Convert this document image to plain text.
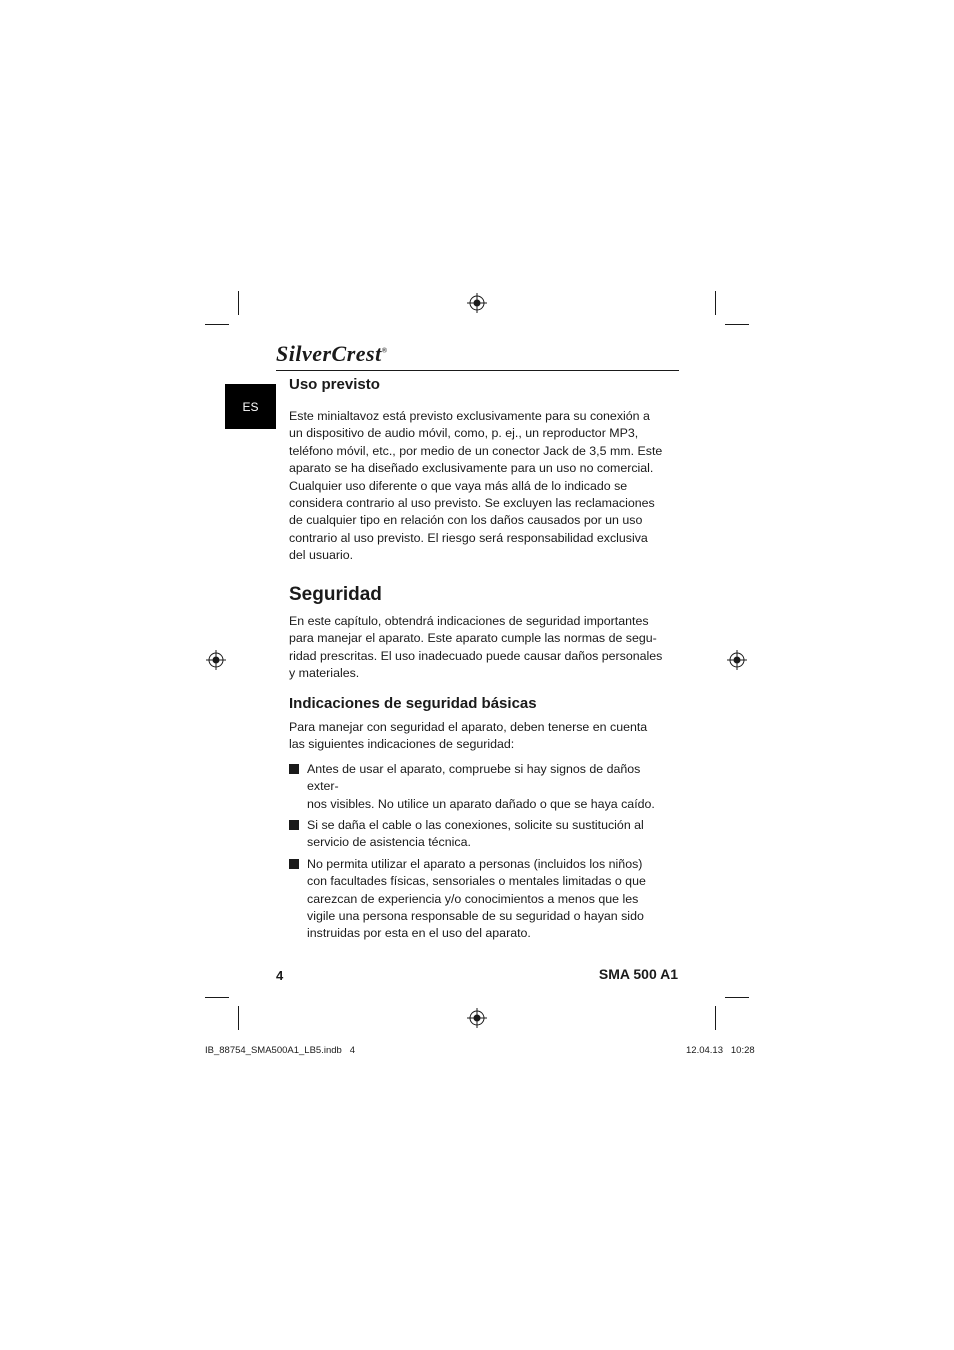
SilverCrest®
ES
Uso previsto

Este minialtavoz está previsto exclusivamente para su conexión a
un dispositivo de audio móvil, como, p. ej., un reproductor MP3,
teléfono móvil, etc., por medio de un conector Jack de 3,5 mm. Este
aparato se ha diseñado exclusivamente para un uso no comercial.
Cualquier uso diferente o que vaya más allá de lo indicado se
considera contrario al uso previsto. Se excluyen las reclamaciones
de cualquier tipo en relación con los daños causados por un uso
contrario al uso previsto. El riesgo será responsabilidad exclusiva
del usuario.

Seguridad

En este capítulo, obtendrá indicaciones de seguridad importantes
para manejar el aparato. Este aparato cumple las normas de segu-
ridad prescritas. El uso inadecuado puede causar daños personales
y materiales.

Indicaciones de seguridad básicas

Para manejar con seguridad el aparato, deben tenerse en cuenta
las siguientes indicaciones de seguridad:

Antes de usar el aparato, compruebe si hay signos de daños exter-
nos visibles. No utilice un aparato dañado o que se haya caído.
Si se daña el cable o las conexiones, solicite su sustitución al
servicio de asistencia técnica.
No permita utilizar el aparato a personas (incluidos los niños)
con facultades físicas, sensoriales o mentales limitadas o que
carezcan de experiencia y/o conocimientos a menos que les
vigile una persona responsable de su seguridad o hayan sido
instruidas por esta en el uso del aparato.
4	SMA 500 A1
IB_88754_SMA500A1_LB5.indb   4	12.04.13   10:28
